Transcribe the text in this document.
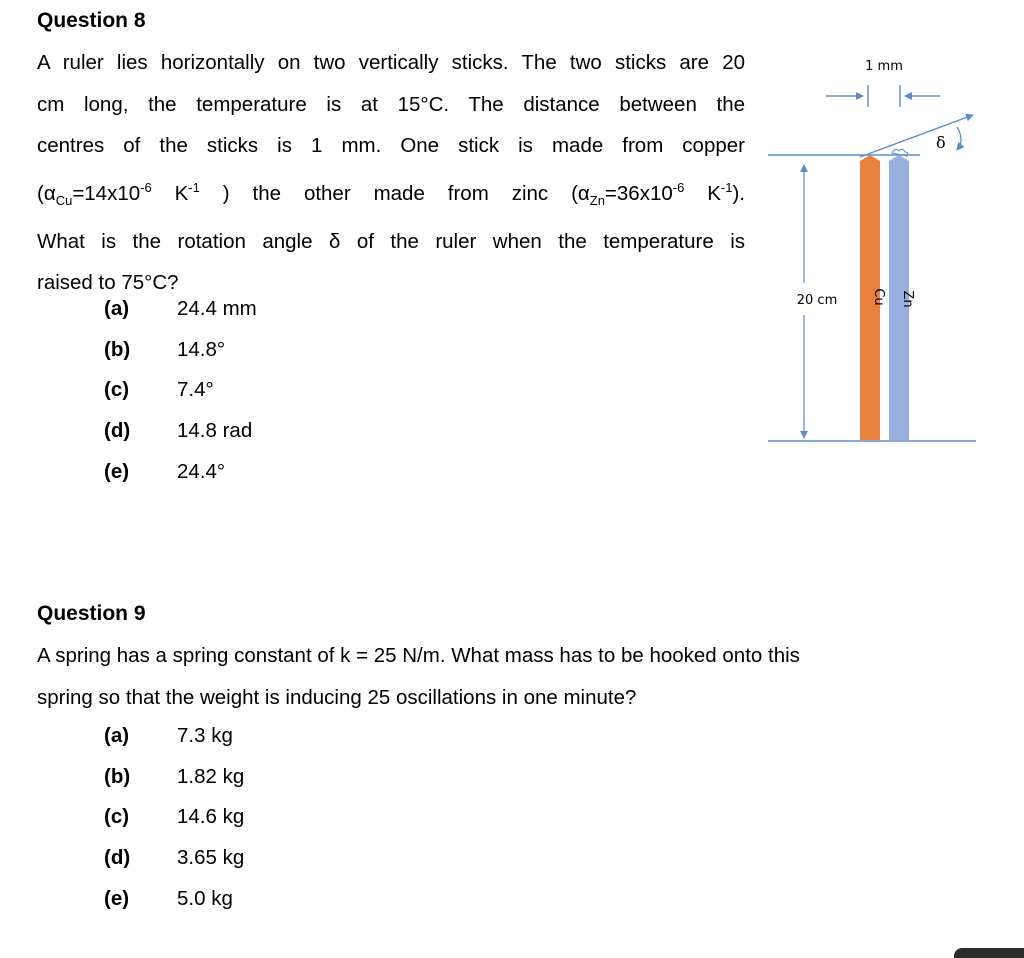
Question 8
A ruler lies horizontally on two vertically sticks. The two sticks are 20
cm long, the temperature is at 15°C. The distance between the
centres of the sticks is 1 mm. One stick is made from copper
($\alpha_{Cu}=14x10^{-6}$ $K^{-1}$ ) the other made from zinc ($\alpha_{Zn}=36x10^{-6}$ $K^{-1}$).
What is the rotation angle δ of the ruler when the temperature is
raised to 75°C?
(a) 24.4 mm
(b) 14.8°
(c) 7.4°
(d) 14.8 rad
(e) 24.4°
1 mm
δ
Cu Zn
20 cm
Question 9
A spring has a spring constant of k = 25 N/m. What mass has to be hooked onto this
spring so that the weight is inducing 25 oscillations in one minute?
(a) 7.3 kg
(b) 1.82 kg
(c) 14.6 kg
(d) 3.65 kg
(e) 5.0 kg
